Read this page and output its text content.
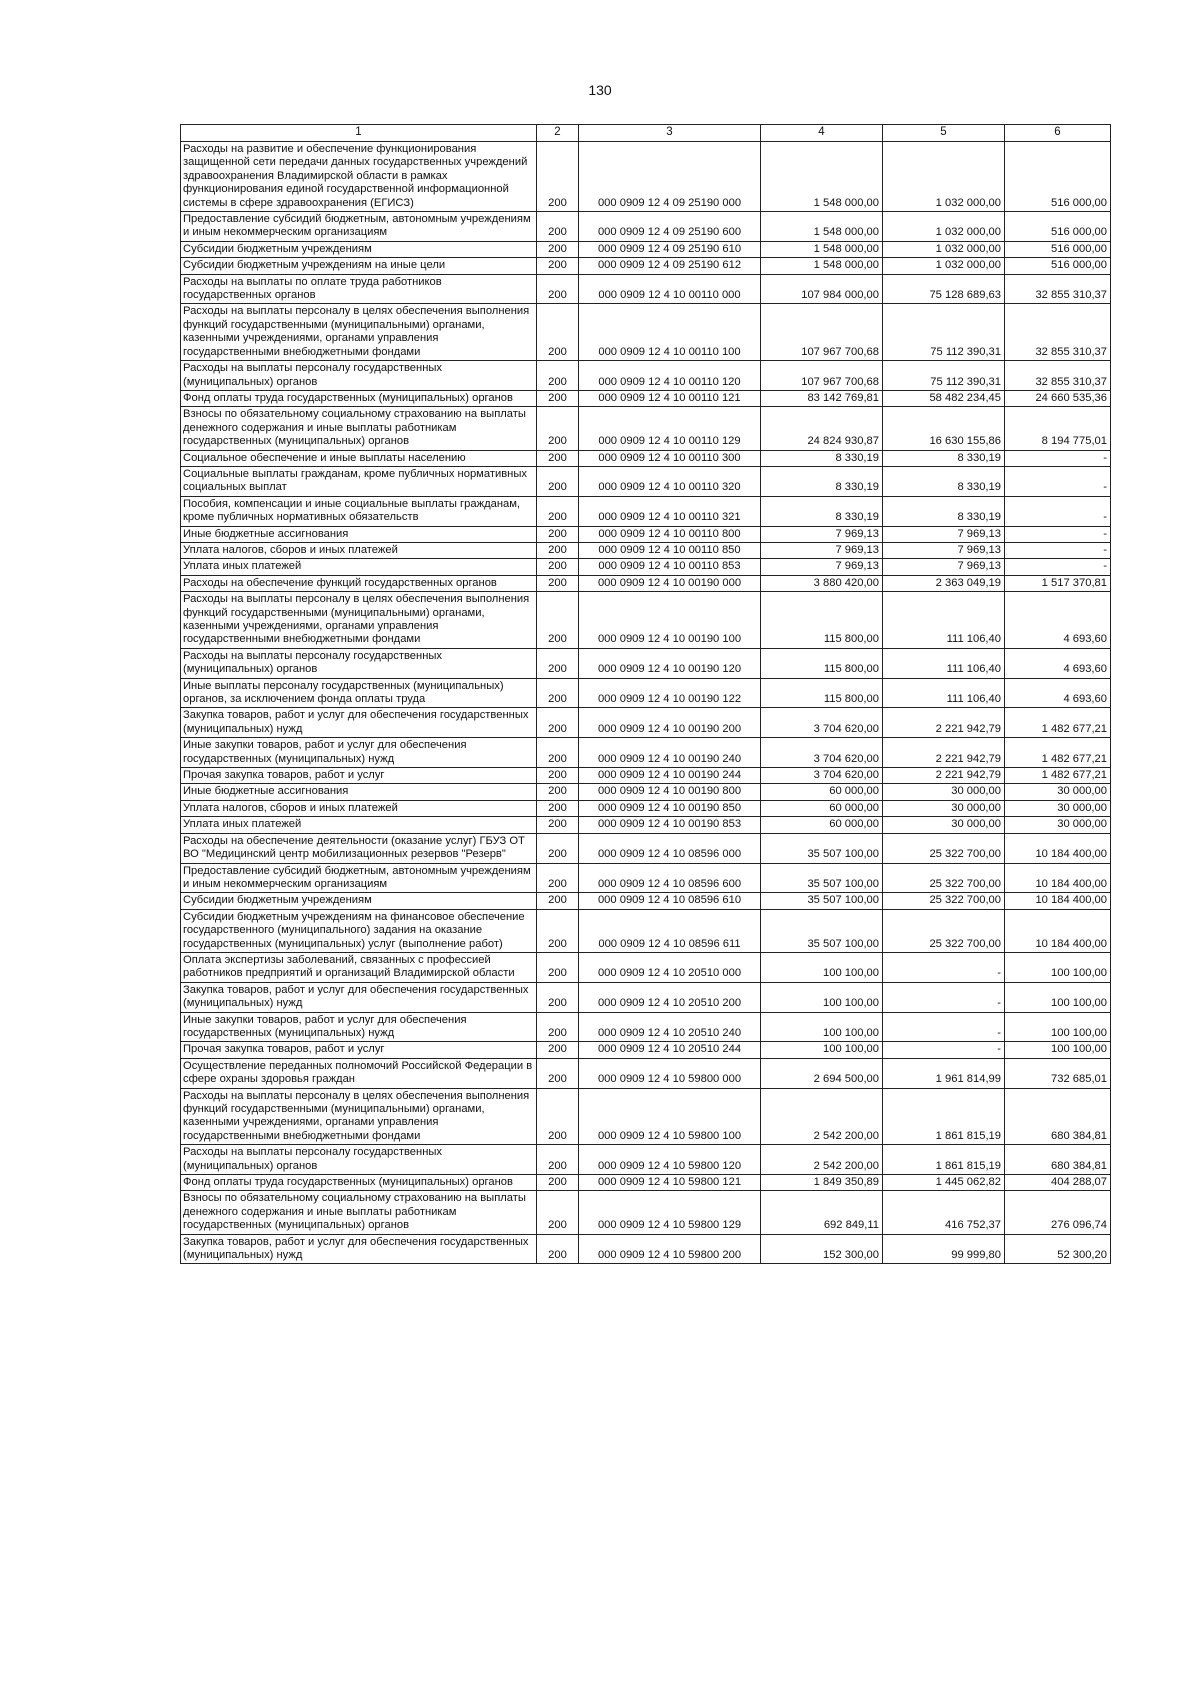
130
1	2	3	4	5	6
Расходы на развитие и обеспечение функционирования защищенной сети передачи данных государственных учреждений здравоохранения Владимирской области в рамках функционирования единой государственной информационной системы в сфере здравоохранения (ЕГИСЗ)	200	000 0909 12 4 09 25190 000	1 548 000,00	1 032 000,00	516 000,00
Предоставление субсидий бюджетным, автономным учреждениям и иным некоммерческим организациям	200	000 0909 12 4 09 25190 600	1 548 000,00	1 032 000,00	516 000,00
Субсидии бюджетным учреждениям	200	000 0909 12 4 09 25190 610	1 548 000,00	1 032 000,00	516 000,00
Субсидии бюджетным учреждениям на иные цели	200	000 0909 12 4 09 25190 612	1 548 000,00	1 032 000,00	516 000,00
Расходы на выплаты по оплате труда работников государственных органов	200	000 0909 12 4 10 00110 000	107 984 000,00	75 128 689,63	32 855 310,37
Расходы на выплаты персоналу в целях обеспечения выполнения функций государственными (муниципальными) органами, казенными учреждениями, органами управления государственными внебюджетными фондами	200	000 0909 12 4 10 00110 100	107 967 700,68	75 112 390,31	32 855 310,37
Расходы на выплаты персоналу государственных (муниципальных) органов	200	000 0909 12 4 10 00110 120	107 967 700,68	75 112 390,31	32 855 310,37
Фонд оплаты труда государственных (муниципальных) органов	200	000 0909 12 4 10 00110 121	83 142 769,81	58 482 234,45	24 660 535,36
Взносы по обязательному социальному страхованию на выплаты денежного содержания и иные выплаты работникам государственных (муниципальных) органов	200	000 0909 12 4 10 00110 129	24 824 930,87	16 630 155,86	8 194 775,01
Социальное обеспечение и иные выплаты населению	200	000 0909 12 4 10 00110 300	8 330,19	8 330,19	-
Социальные выплаты гражданам, кроме публичных нормативных социальных выплат	200	000 0909 12 4 10 00110 320	8 330,19	8 330,19	-
Пособия, компенсации и иные социальные выплаты гражданам, кроме публичных нормативных обязательств	200	000 0909 12 4 10 00110 321	8 330,19	8 330,19	-
Иные бюджетные ассигнования	200	000 0909 12 4 10 00110 800	7 969,13	7 969,13	-
Уплата налогов, сборов и иных платежей	200	000 0909 12 4 10 00110 850	7 969,13	7 969,13	-
Уплата иных платежей	200	000 0909 12 4 10 00110 853	7 969,13	7 969,13	-
Расходы на обеспечение функций государственных органов	200	000 0909 12 4 10 00190 000	3 880 420,00	2 363 049,19	1 517 370,81
Расходы на выплаты персоналу в целях обеспечения выполнения функций государственными (муниципальными) органами, казенными учреждениями, органами управления государственными внебюджетными фондами	200	000 0909 12 4 10 00190 100	115 800,00	111 106,40	4 693,60
Расходы на выплаты персоналу государственных (муниципальных) органов	200	000 0909 12 4 10 00190 120	115 800,00	111 106,40	4 693,60
Иные выплаты персоналу государственных (муниципальных) органов, за исключением фонда оплаты труда	200	000 0909 12 4 10 00190 122	115 800,00	111 106,40	4 693,60
Закупка товаров, работ и услуг для обеспечения государственных (муниципальных) нужд	200	000 0909 12 4 10 00190 200	3 704 620,00	2 221 942,79	1 482 677,21
Иные закупки товаров, работ и услуг для обеспечения государственных (муниципальных) нужд	200	000 0909 12 4 10 00190 240	3 704 620,00	2 221 942,79	1 482 677,21
Прочая закупка товаров, работ и услуг	200	000 0909 12 4 10 00190 244	3 704 620,00	2 221 942,79	1 482 677,21
Иные бюджетные ассигнования	200	000 0909 12 4 10 00190 800	60 000,00	30 000,00	30 000,00
Уплата налогов, сборов и иных платежей	200	000 0909 12 4 10 00190 850	60 000,00	30 000,00	30 000,00
Уплата иных платежей	200	000 0909 12 4 10 00190 853	60 000,00	30 000,00	30 000,00
Расходы на обеспечение деятельности (оказание услуг) ГБУЗ ОТ ВО "Медицинский центр мобилизационных резервов "Резерв"	200	000 0909 12 4 10 08596 000	35 507 100,00	25 322 700,00	10 184 400,00
Предоставление субсидий бюджетным, автономным учреждениям и иным некоммерческим организациям	200	000 0909 12 4 10 08596 600	35 507 100,00	25 322 700,00	10 184 400,00
Субсидии бюджетным учреждениям	200	000 0909 12 4 10 08596 610	35 507 100,00	25 322 700,00	10 184 400,00
Субсидии бюджетным учреждениям на финансовое обеспечение государственного (муниципального) задания на оказание государственных (муниципальных) услуг (выполнение работ)	200	000 0909 12 4 10 08596 611	35 507 100,00	25 322 700,00	10 184 400,00
Оплата экспертизы заболеваний, связанных с профессией работников предприятий и организаций Владимирской области	200	000 0909 12 4 10 20510 000	100 100,00	-	100 100,00
Закупка товаров, работ и услуг для обеспечения государственных (муниципальных) нужд	200	000 0909 12 4 10 20510 200	100 100,00	-	100 100,00
Иные закупки товаров, работ и услуг для обеспечения государственных (муниципальных) нужд	200	000 0909 12 4 10 20510 240	100 100,00	-	100 100,00
Прочая закупка товаров, работ и услуг	200	000 0909 12 4 10 20510 244	100 100,00	-	100 100,00
Осуществление переданных полномочий Российской Федерации в сфере охраны здоровья граждан	200	000 0909 12 4 10 59800 000	2 694 500,00	1 961 814,99	732 685,01
Расходы на выплаты персоналу в целях обеспечения выполнения функций государственными (муниципальными) органами, казенными учреждениями, органами управления государственными внебюджетными фондами	200	000 0909 12 4 10 59800 100	2 542 200,00	1 861 815,19	680 384,81
Расходы на выплаты персоналу государственных (муниципальных) органов	200	000 0909 12 4 10 59800 120	2 542 200,00	1 861 815,19	680 384,81
Фонд оплаты труда государственных (муниципальных) органов	200	000 0909 12 4 10 59800 121	1 849 350,89	1 445 062,82	404 288,07
Взносы по обязательному социальному страхованию на выплаты денежного содержания и иные выплаты работникам государственных (муниципальных) органов	200	000 0909 12 4 10 59800 129	692 849,11	416 752,37	276 096,74
Закупка товаров, работ и услуг для обеспечения государственных (муниципальных) нужд	200	000 0909 12 4 10 59800 200	152 300,00	99 999,80	52 300,20
